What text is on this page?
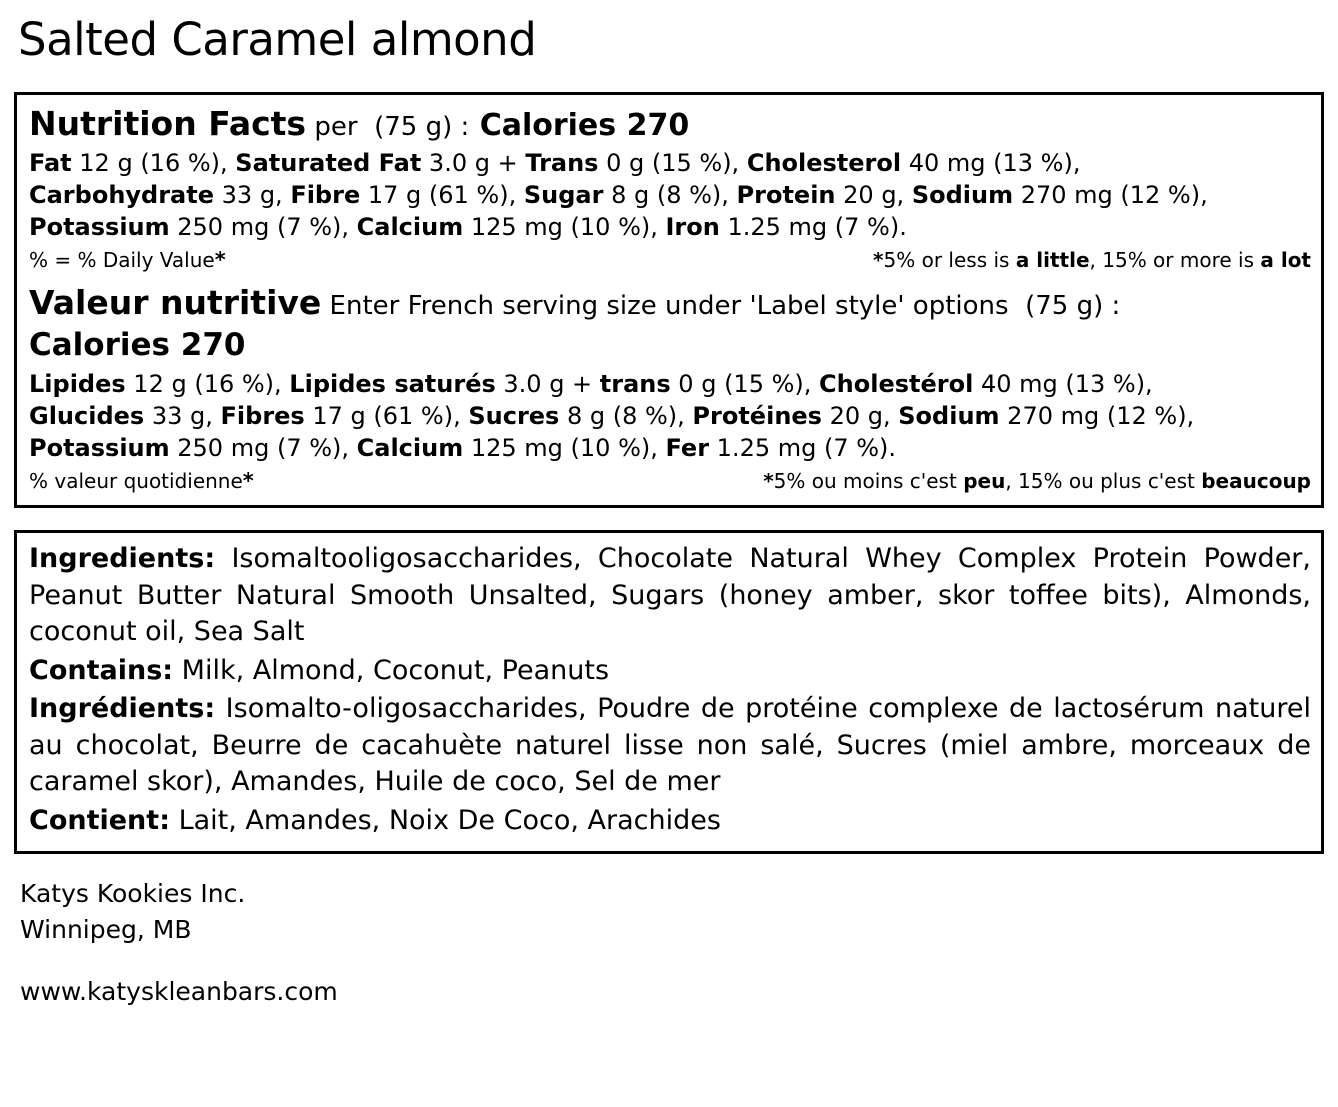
Salted Caramel almond
Nutrition Facts per (75 g) : Calories 270
Fat 12 g (16 %), Saturated Fat 3.0 g + Trans 0 g (15 %), Cholesterol 40 mg (13 %),
Carbohydrate 33 g, Fibre 17 g (61 %), Sugar 8 g (8 %), Protein 20 g, Sodium 270 mg (12 %),
Potassium 250 mg (7 %), Calcium 125 mg (10 %), Iron 1.25 mg (7 %).
% = % Daily Value*	*5% or less is a little, 15% or more is a lot
Valeur nutritive Enter French serving size under 'Label style' options (75 g) :
Calories 270
Lipides 12 g (16 %), Lipides saturés 3.0 g + trans 0 g (15 %), Cholestérol 40 mg (13 %),
Glucides 33 g, Fibres 17 g (61 %), Sucres 8 g (8 %), Protéines 20 g, Sodium 270 mg (12 %),
Potassium 250 mg (7 %), Calcium 125 mg (10 %), Fer 1.25 mg (7 %).
% valeur quotidienne*	*5% ou moins c'est peu, 15% ou plus c'est beaucoup

Ingredients: Isomaltooligosaccharides, Chocolate Natural Whey Complex Protein Powder, Peanut Butter Natural Smooth Unsalted, Sugars (honey amber, skor toffee bits), Almonds, coconut oil, Sea Salt

Contains: Milk, Almond, Coconut, Peanuts

Ingrédients: Isomalto-oligosaccharides, Poudre de protéine complexe de lactosérum naturel au chocolat, Beurre de cacahuète naturel lisse non salé, Sucres (miel ambre, morceaux de caramel skor), Amandes, Huile de coco, Sel de mer

Contient: Lait, Amandes, Noix De Coco, Arachides

Katys Kookies Inc.
Winnipeg, MB
www.katyskleanbars.com
